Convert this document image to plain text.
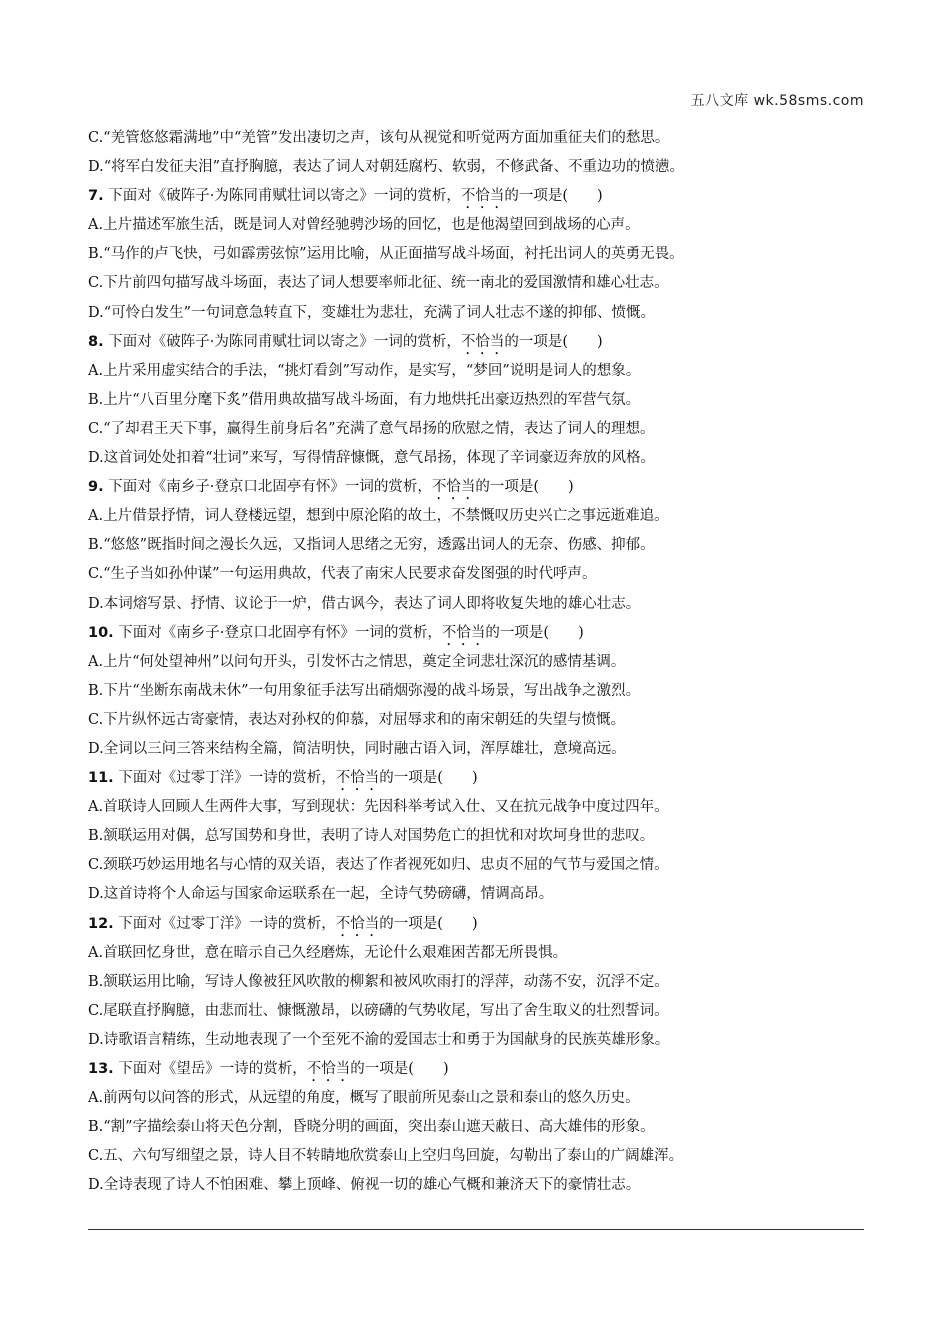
五八文库 wk.58sms.com
C.“羌管悠悠霜满地”中“羌管”发出凄切之声，该句从视觉和听觉两方面加重征夫们的愁思。
D.“将军白发征夫泪”直抒胸臆，表达了词人对朝廷腐朽、软弱，不修武备、不重边功的愤懑。
7. 下面对《破阵子·为陈同甫赋壮词以寄之》一词的赏析，不恰当的一项是(　　)
A.上片描述军旅生活，既是词人对曾经驰骋沙场的回忆，也是他渴望回到战场的心声。
B.“马作的卢飞快，弓如霹雳弦惊”运用比喻，从正面描写战斗场面，衬托出词人的英勇无畏。
C.下片前四句描写战斗场面，表达了词人想要率师北征、统一南北的爱国激情和雄心壮志。
D.“可怜白发生”一句词意急转直下，变雄壮为悲壮，充满了词人壮志不遂的抑郁、愤慨。
8. 下面对《破阵子·为陈同甫赋壮词以寄之》一词的赏析，不恰当的一项是(　　)
A.上片采用虚实结合的手法，“挑灯看剑”写动作，是实写，“梦回”说明是词人的想象。
B.上片“八百里分麾下炙”借用典故描写战斗场面，有力地烘托出豪迈热烈的军营气氛。
C.“了却君王天下事，赢得生前身后名”充满了意气昂扬的欣慰之情，表达了词人的理想。
D.这首词处处扣着“壮词”来写，写得情辞慷慨，意气昂扬，体现了辛词豪迈奔放的风格。
9. 下面对《南乡子·登京口北固亭有怀》一词的赏析，不恰当的一项是(　　)
A.上片借景抒情，词人登楼远望，想到中原沦陷的故土，不禁慨叹历史兴亡之事远逝难追。
B.“悠悠”既指时间之漫长久远，又指词人思绪之无穷，透露出词人的无奈、伤感、抑郁。
C.“生子当如孙仲谋”一句运用典故，代表了南宋人民要求奋发图强的时代呼声。
D.本词熔写景、抒情、议论于一炉，借古讽今，表达了词人即将收复失地的雄心壮志。
10. 下面对《南乡子·登京口北固亭有怀》一词的赏析，不恰当的一项是(　　)
A.上片“何处望神州”以问句开头，引发怀古之情思，奠定全词悲壮深沉的感情基调。
B.下片“坐断东南战未休”一句用象征手法写出硝烟弥漫的战斗场景，写出战争之激烈。
C.下片纵怀远古寄豪情，表达对孙权的仰慕，对屈辱求和的南宋朝廷的失望与愤慨。
D.全词以三问三答来结构全篇，简洁明快，同时融古语入词，浑厚雄壮，意境高远。
11. 下面对《过零丁洋》一诗的赏析，不恰当的一项是(　　)
A.首联诗人回顾人生两件大事，写到现状：先因科举考试入仕、又在抗元战争中度过四年。
B.颔联运用对偶，总写国势和身世，表明了诗人对国势危亡的担忧和对坎坷身世的悲叹。
C.颈联巧妙运用地名与心情的双关语，表达了作者视死如归、忠贞不屈的气节与爱国之情。
D.这首诗将个人命运与国家命运联系在一起，全诗气势磅礴，情调高昂。
12. 下面对《过零丁洋》一诗的赏析，不恰当的一项是(　　)
A.首联回忆身世，意在暗示自己久经磨炼，无论什么艰难困苦都无所畏惧。
B.颔联运用比喻，写诗人像被狂风吹散的柳絮和被风吹雨打的浮萍，动荡不安，沉浮不定。
C.尾联直抒胸臆，由悲而壮、慷慨激昂，以磅礴的气势收尾，写出了舍生取义的壮烈誓词。
D.诗歌语言精练，生动地表现了一个至死不渝的爱国志士和勇于为国献身的民族英雄形象。
13. 下面对《望岳》一诗的赏析，不恰当的一项是(　　)
A.前两句以问答的形式，从远望的角度，概写了眼前所见泰山之景和泰山的悠久历史。
B.“割”字描绘泰山将天色分割，昏晓分明的画面，突出泰山遮天蔽日、高大雄伟的形象。
C.五、六句写细望之景，诗人目不转睛地欣赏泰山上空归鸟回旋，勾勒出了泰山的广阔雄浑。
D.全诗表现了诗人不怕困难、攀上顶峰、俯视一切的雄心气概和兼济天下的豪情壮志。
